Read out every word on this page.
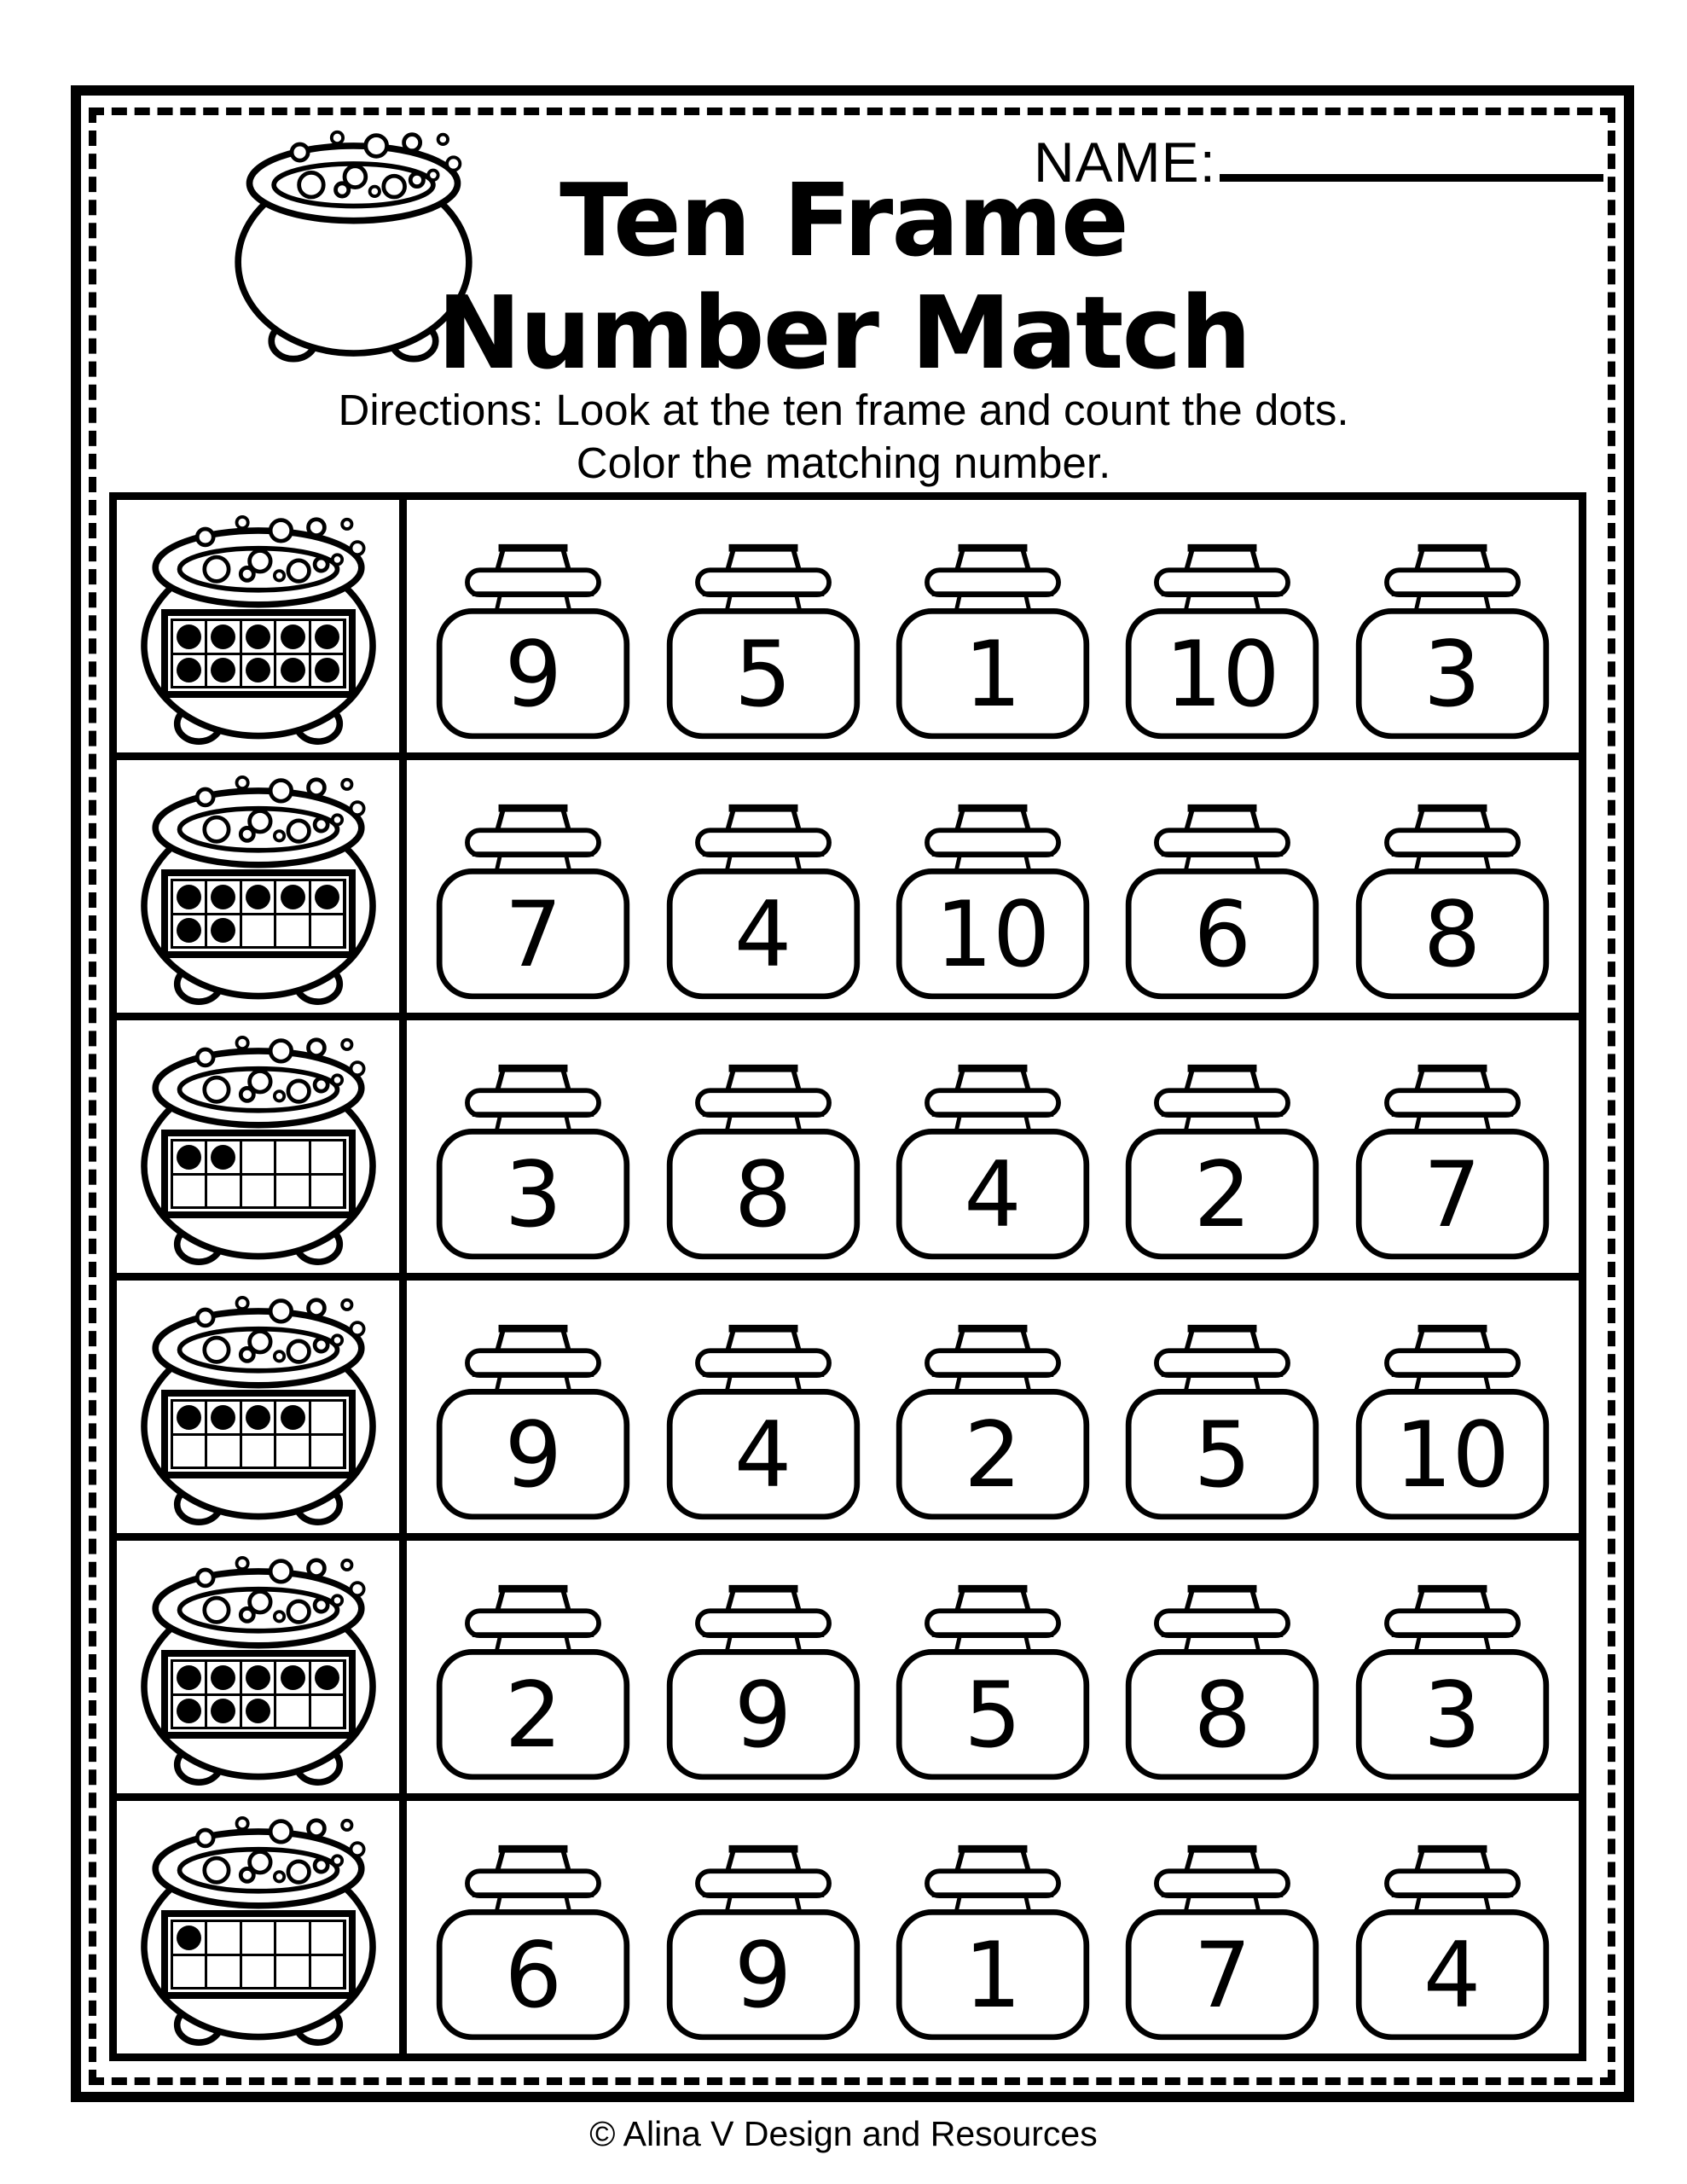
NAME:
Ten Frame
Number Match
Directions: Look at the ten frame and count the dots.
Color the matching number.
9 5 1 10 3
7 4 10 6 8
3 8 4 2 7
9 4 2 5 10
2 9 5 8 3
6 9 1 7 4
© Alina V Design and Resources
